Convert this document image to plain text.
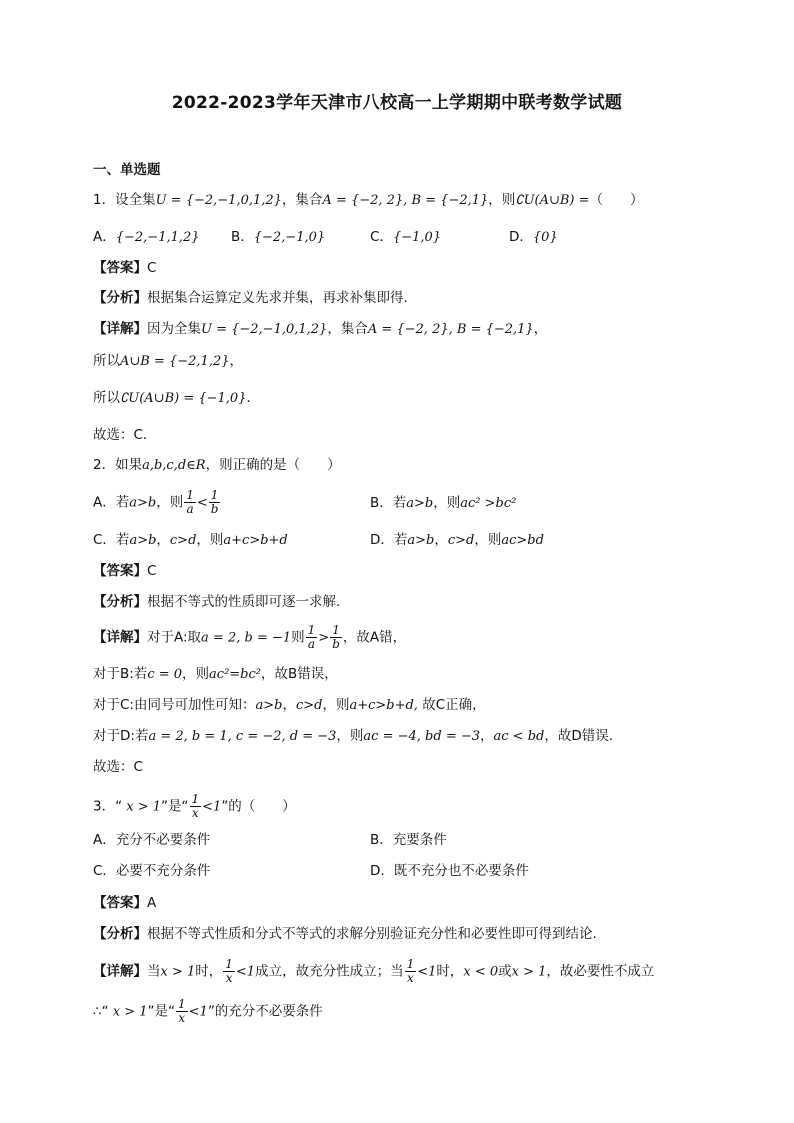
2022-2023学年天津市八校高一上学期期中联考数学试题
一、单选题
1．设全集U = {−2,−1,0,1,2}，集合A = {−2, 2}, B = {−2,1}，则∁U(A∪B) =（　　）
A．{−2,−1,1,2} B．{−2,−1,0}	C．{−1,0}	D．{0}
【答案】C
【分析】根据集合运算定义先求并集，再求补集即得．
【详解】因为全集U = {−2,−1,0,1,2}，集合A = {−2, 2}, B = {−2,1}，
所以A∪B = {−2,1,2}，
所以∁U(A∪B) = {−1,0}．
故选：C．
2．如果a,b,c,d∈R，则正确的是（　　）
A．若a>b，则 $\frac{1}{a} < \frac{1}{b}$	B．若a>b，则ac² >bc²
C．若a>b，c>d，则a+c>b+d	D．若a>b，c>d，则ac>bd
【答案】C
【分析】根据不等式的性质即可逐一求解.
【详解】对于A:取a = 2, b = −1则 $\frac{1}{a} > \frac{1}{b}$ ，故A错，
对于B:若c = 0，则ac²=bc²，故B错误，
对于C:由同号可加性可知：a>b，c>d，则a+c>b+d, 故C正确，
对于D:若a = 2, b = 1, c = −2, d = −3，则ac = −4, bd = −3，ac < bd，故D错误.
故选：C
3．“ x > 1”是“ $\frac{1}{x} <1$”的（　　）
A．充分不必要条件	B．充要条件
C．必要不充分条件	D．既不充分也不必要条件
【答案】A
【分析】根据不等式性质和分式不等式的求解分别验证充分性和必要性即可得到结论.
【详解】当x > 1时， $\frac{1}{x} <1$成立，故充分性成立；当 $\frac{1}{x} <1$时，x < 0或x > 1，故必要性不成立
∴“ x > 1”是“ $\frac{1}{x} <1$”的充分不必要条件
